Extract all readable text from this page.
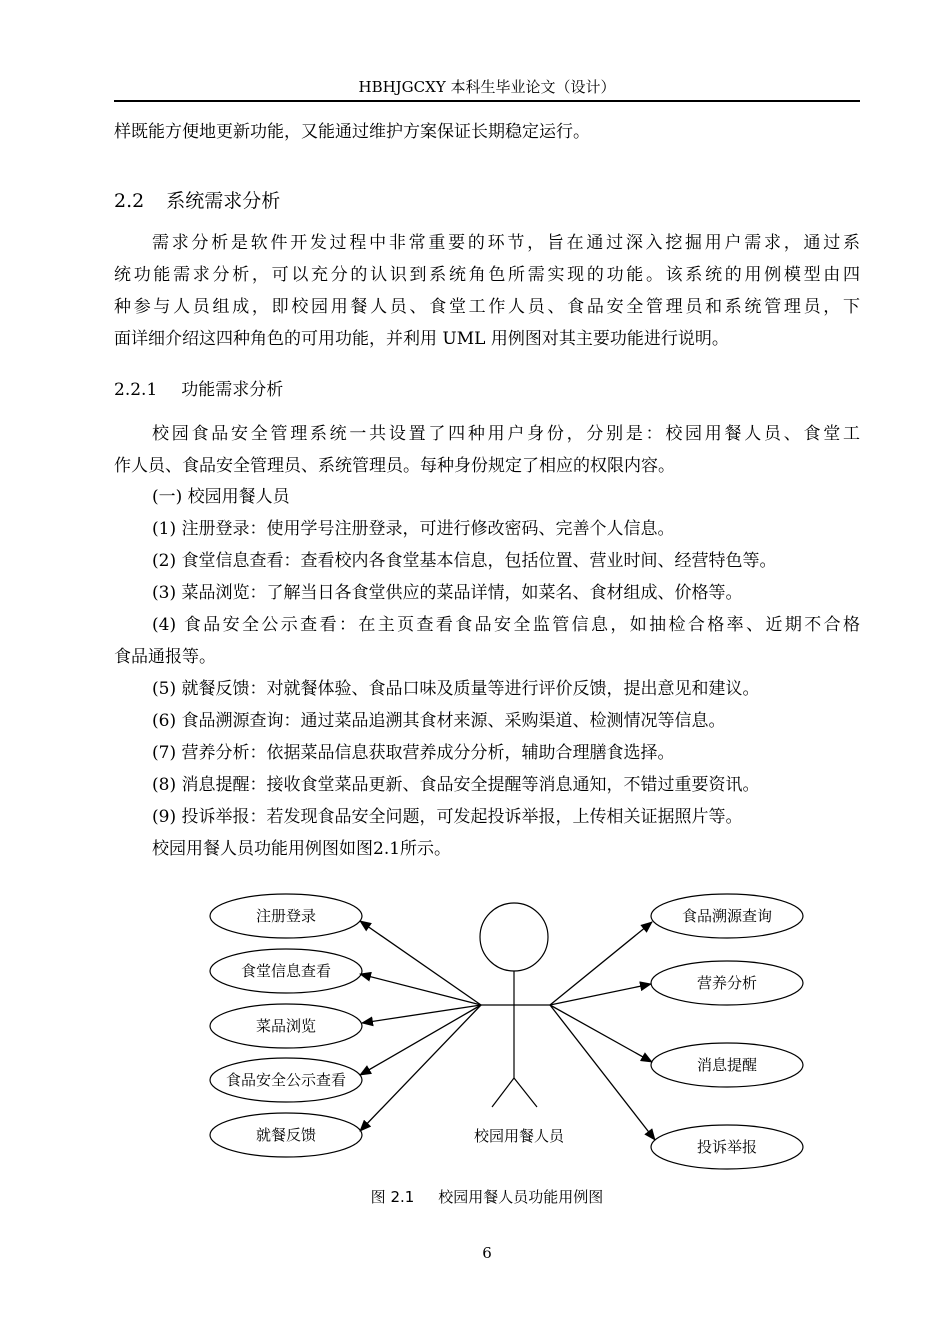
HBHJGCXY 本科生毕业论文（设计）
样既能方便地更新功能，又能通过维护方案保证长期稳定运行。
2.2 系统需求分析
需求分析是软件开发过程中非常重要的环节，旨在通过深入挖掘用户需求，通过系
统功能需求分析，可以充分的认识到系统角色所需实现的功能。该系统的用例模型由四
种参与人员组成，即校园用餐人员、食堂工作人员、食品安全管理员和系统管理员，下
面详细介绍这四种角色的可用功能，并利用 UML 用例图对其主要功能进行说明。
2.2.1 功能需求分析
校园食品安全管理系统一共设置了四种用户身份，分别是：校园用餐人员、食堂工
作人员、食品安全管理员、系统管理员。每种身份规定了相应的权限内容。
(一) 校园用餐人员
(1) 注册登录：使用学号注册登录，可进行修改密码、完善个人信息。
(2) 食堂信息查看：查看校内各食堂基本信息，包括位置、营业时间、经营特色等。
(3) 菜品浏览：了解当日各食堂供应的菜品详情，如菜名、食材组成、价格等。
(4) 食品安全公示查看：在主页查看食品安全监管信息，如抽检合格率、近期不合格
食品通报等。
(5) 就餐反馈：对就餐体验、食品口味及质量等进行评价反馈，提出意见和建议。
(6) 食品溯源查询：通过菜品追溯其食材来源、采购渠道、检测情况等信息。
(7) 营养分析：依据菜品信息获取营养成分分析，辅助合理膳食选择。
(8) 消息提醒：接收食堂菜品更新、食品安全提醒等消息通知，不错过重要资讯。
(9) 投诉举报：若发现食品安全问题，可发起投诉举报，上传相关证据照片等。
校园用餐人员功能用例图如图2.1所示。
校园用餐人员
注册登录
食堂信息查看
菜品浏览
食品安全公示查看
就餐反馈
食品溯源查询
营养分析
消息提醒
投诉举报
图 2.1 校园用餐人员功能用例图
6
